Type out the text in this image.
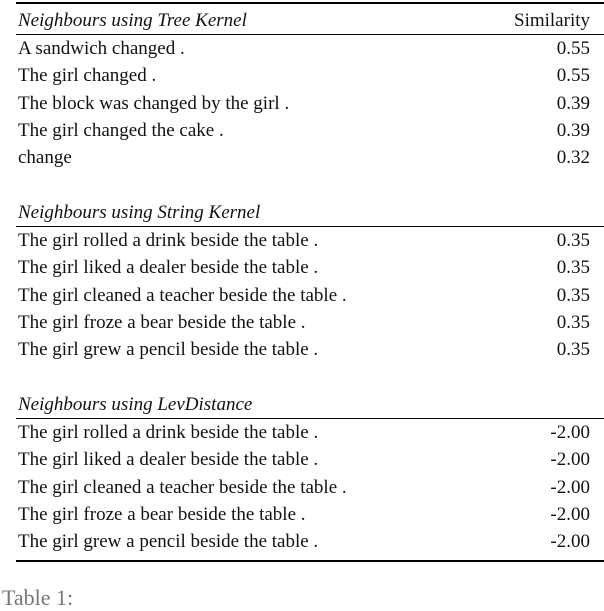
Neighbours using Tree Kernel	Similarity
A sandwich changed .	0.55
The girl changed .	0.55
The block was changed by the girl .	0.39
The girl changed the cake .	0.39
change	0.32
Neighbours using String Kernel
The girl rolled a drink beside the table .	0.35
The girl liked a dealer beside the table .	0.35
The girl cleaned a teacher beside the table .	0.35
The girl froze a bear beside the table .	0.35
The girl grew a pencil beside the table .	0.35
Neighbours using LevDistance
The girl rolled a drink beside the table .	-2.00
The girl liked a dealer beside the table .	-2.00
The girl cleaned a teacher beside the table .	-2.00
The girl froze a bear beside the table .	-2.00
The girl grew a pencil beside the table .	-2.00
Table 1:
